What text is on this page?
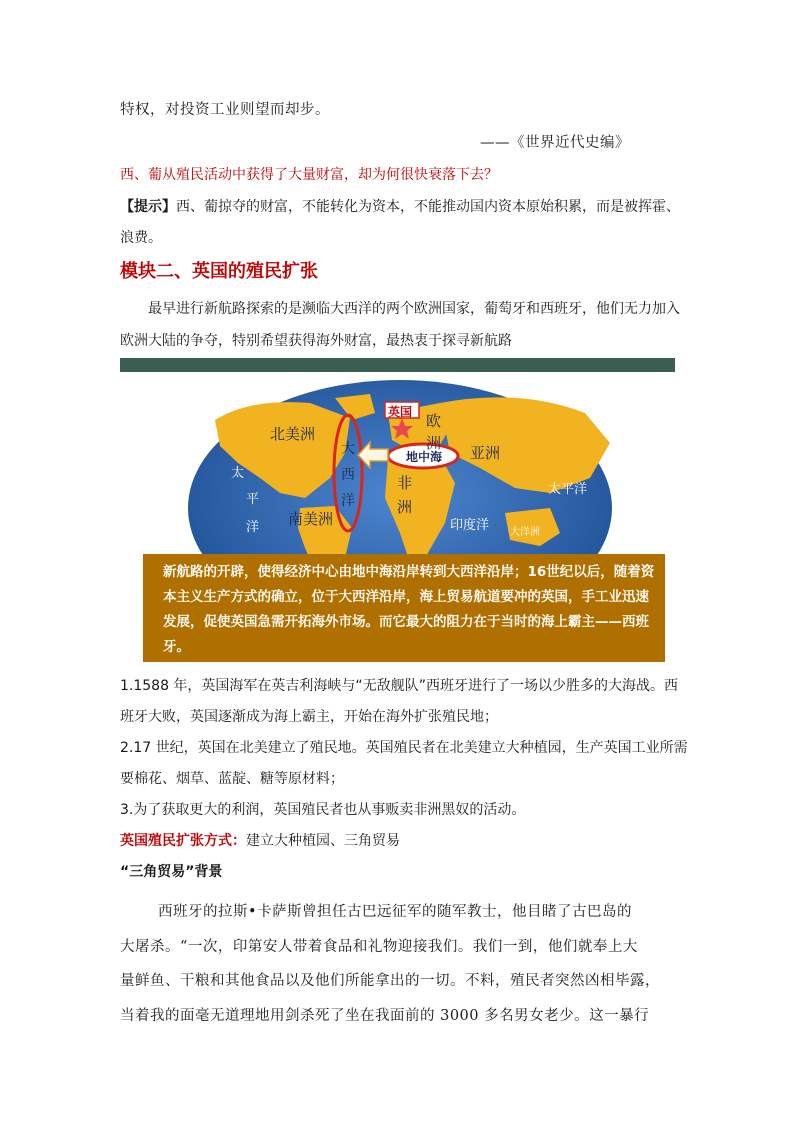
特权，对投资工业则望而却步。
——《世界近代史编》
西、葡从殖民活动中获得了大量财富，却为何很快衰落下去？
【提示】西、葡掠夺的财富，不能转化为资本，不能推动国内资本原始积累，而是被挥霍、
浪费。
模块二、英国的殖民扩张
最早进行新航路探索的是濒临大西洋的两个欧洲国家，葡萄牙和西班牙，他们无力加入
欧洲大陆的争夺，特别希望获得海外财富，最热衷于探寻新航路
英国
北美洲
南美洲
大
西
洋
欧
洲
地中海 亚洲
非
洲
太
平
洋
太平洋
印度洋 大洋洲
新航路的开辟，使得经济中心由地中海沿岸转到大西洋沿岸；16世纪以后，随着资本主义生产方式的确立，位于大西洋沿岸，海上贸易航道要冲的英国，手工业迅速发展，促使英国急需开拓海外市场。而它最大的阻力在于当时的海上霸主——西班牙。
1.1588 年，英国海军在英吉利海峡与“无敌舰队”西班牙进行了一场以少胜多的大海战。西
班牙大败，英国逐渐成为海上霸主，开始在海外扩张殖民地；
2.17 世纪，英国在北美建立了殖民地。英国殖民者在北美建立大种植园，生产英国工业所需
要棉花、烟草、蓝靛、糖等原材料；
3.为了获取更大的利润，英国殖民者也从事贩卖非洲黑奴的活动。
英国殖民扩张方式：建立大种植园、三角贸易
“三角贸易”背景
西班牙的拉斯•卡萨斯曾担任古巴远征军的随军教士，他目睹了古巴岛的
大屠杀。“一次，印第安人带着食品和礼物迎接我们。我们一到，他们就奉上大
量鲜鱼、干粮和其他食品以及他们所能拿出的一切。不料，殖民者突然凶相毕露，
当着我的面毫无道理地用剑杀死了坐在我面前的 3000 多名男女老少。这一暴行
